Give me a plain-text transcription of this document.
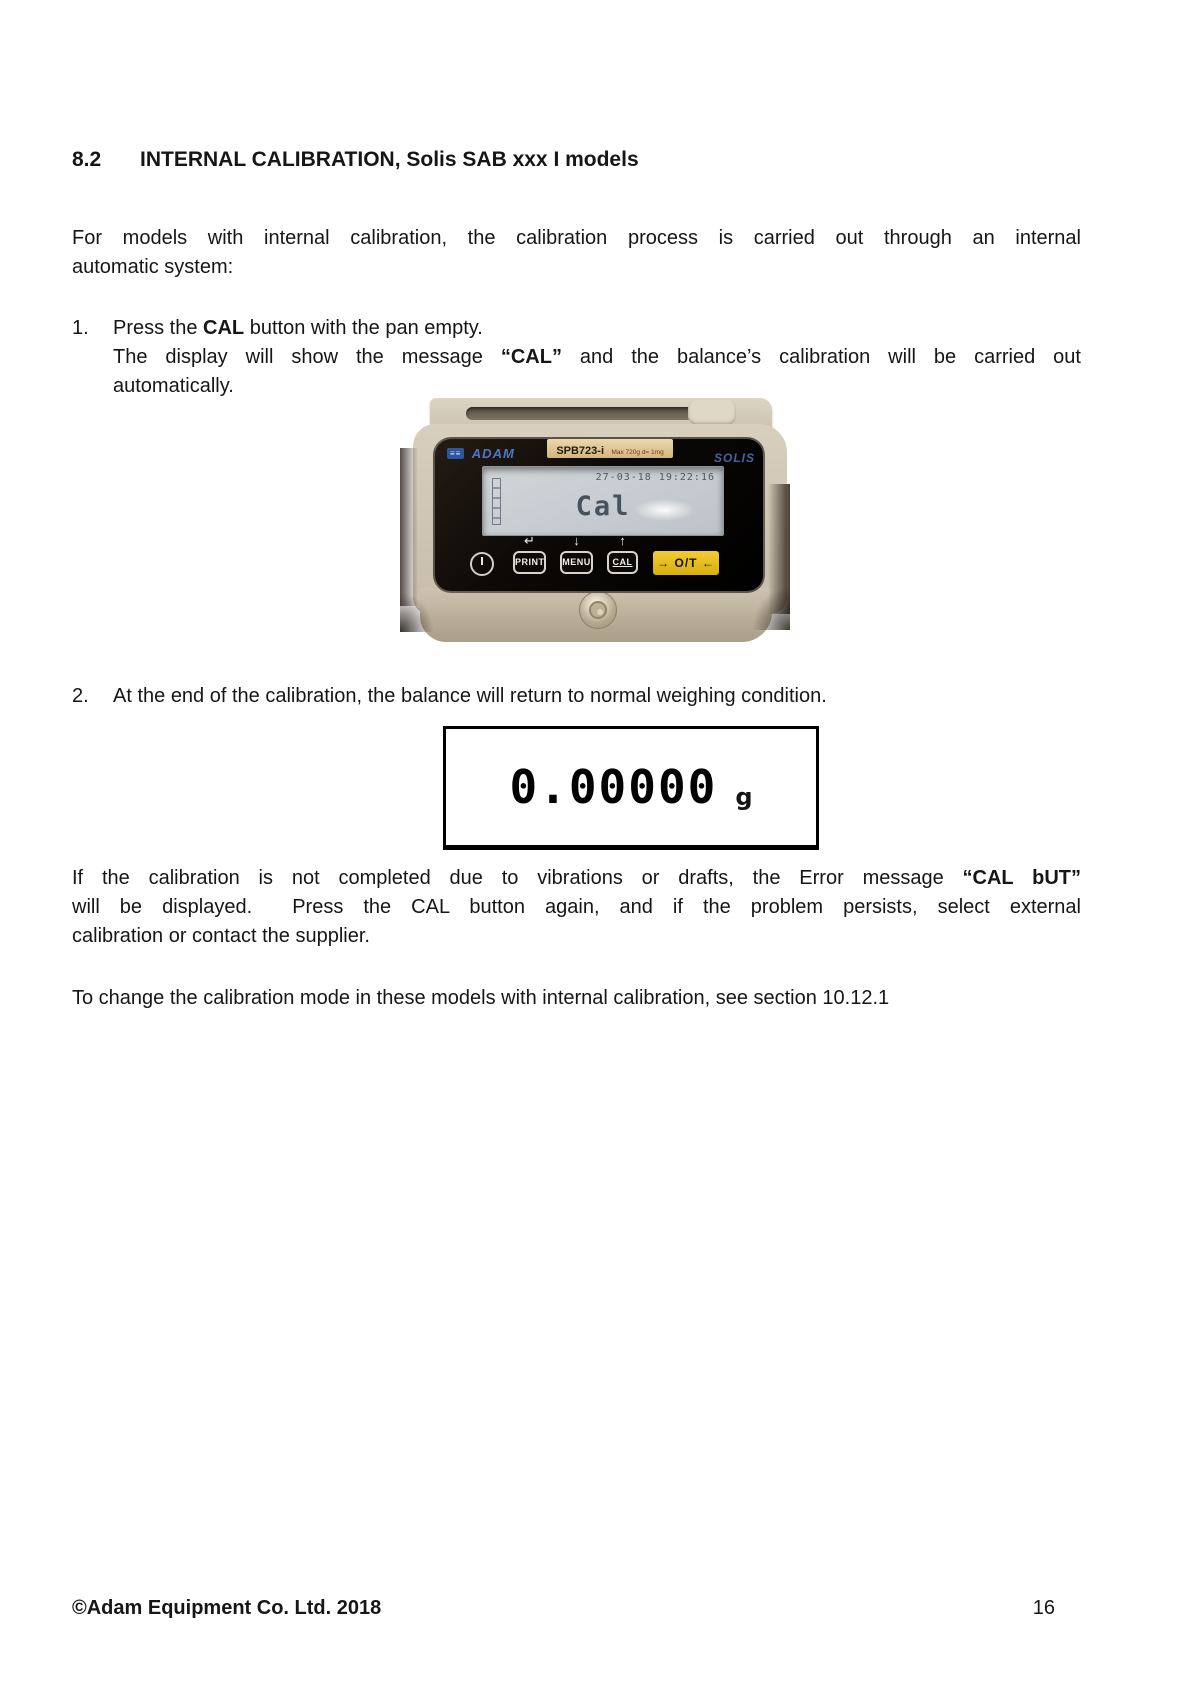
8.2 INTERNAL CALIBRATION, Solis SAB xxx I models
For models with internal calibration, the calibration process is carried out through an internal
automatic system:
1. Press the CAL button with the pan empty.
The display will show the message “CAL” and the balance’s calibration will be carried out
automatically.
≡≡ ADAM	SPB723-i Max 720g d= 1mg	SOLIS
27-03-18 19:22:16
Cal
↵	↓	↑
PRINT MENU	CAL	→ O/T ←
2. At the end of the calibration, the balance will return to normal weighing condition.
0.00000 g
If the calibration is not completed due to vibrations or drafts, the Error message “CAL bUT”
will be displayed.  Press the CAL button again, and if the problem persists, select external
calibration or contact the supplier.
To change the calibration mode in these models with internal calibration, see section 10.12.1
©Adam Equipment Co. Ltd. 2018	16
